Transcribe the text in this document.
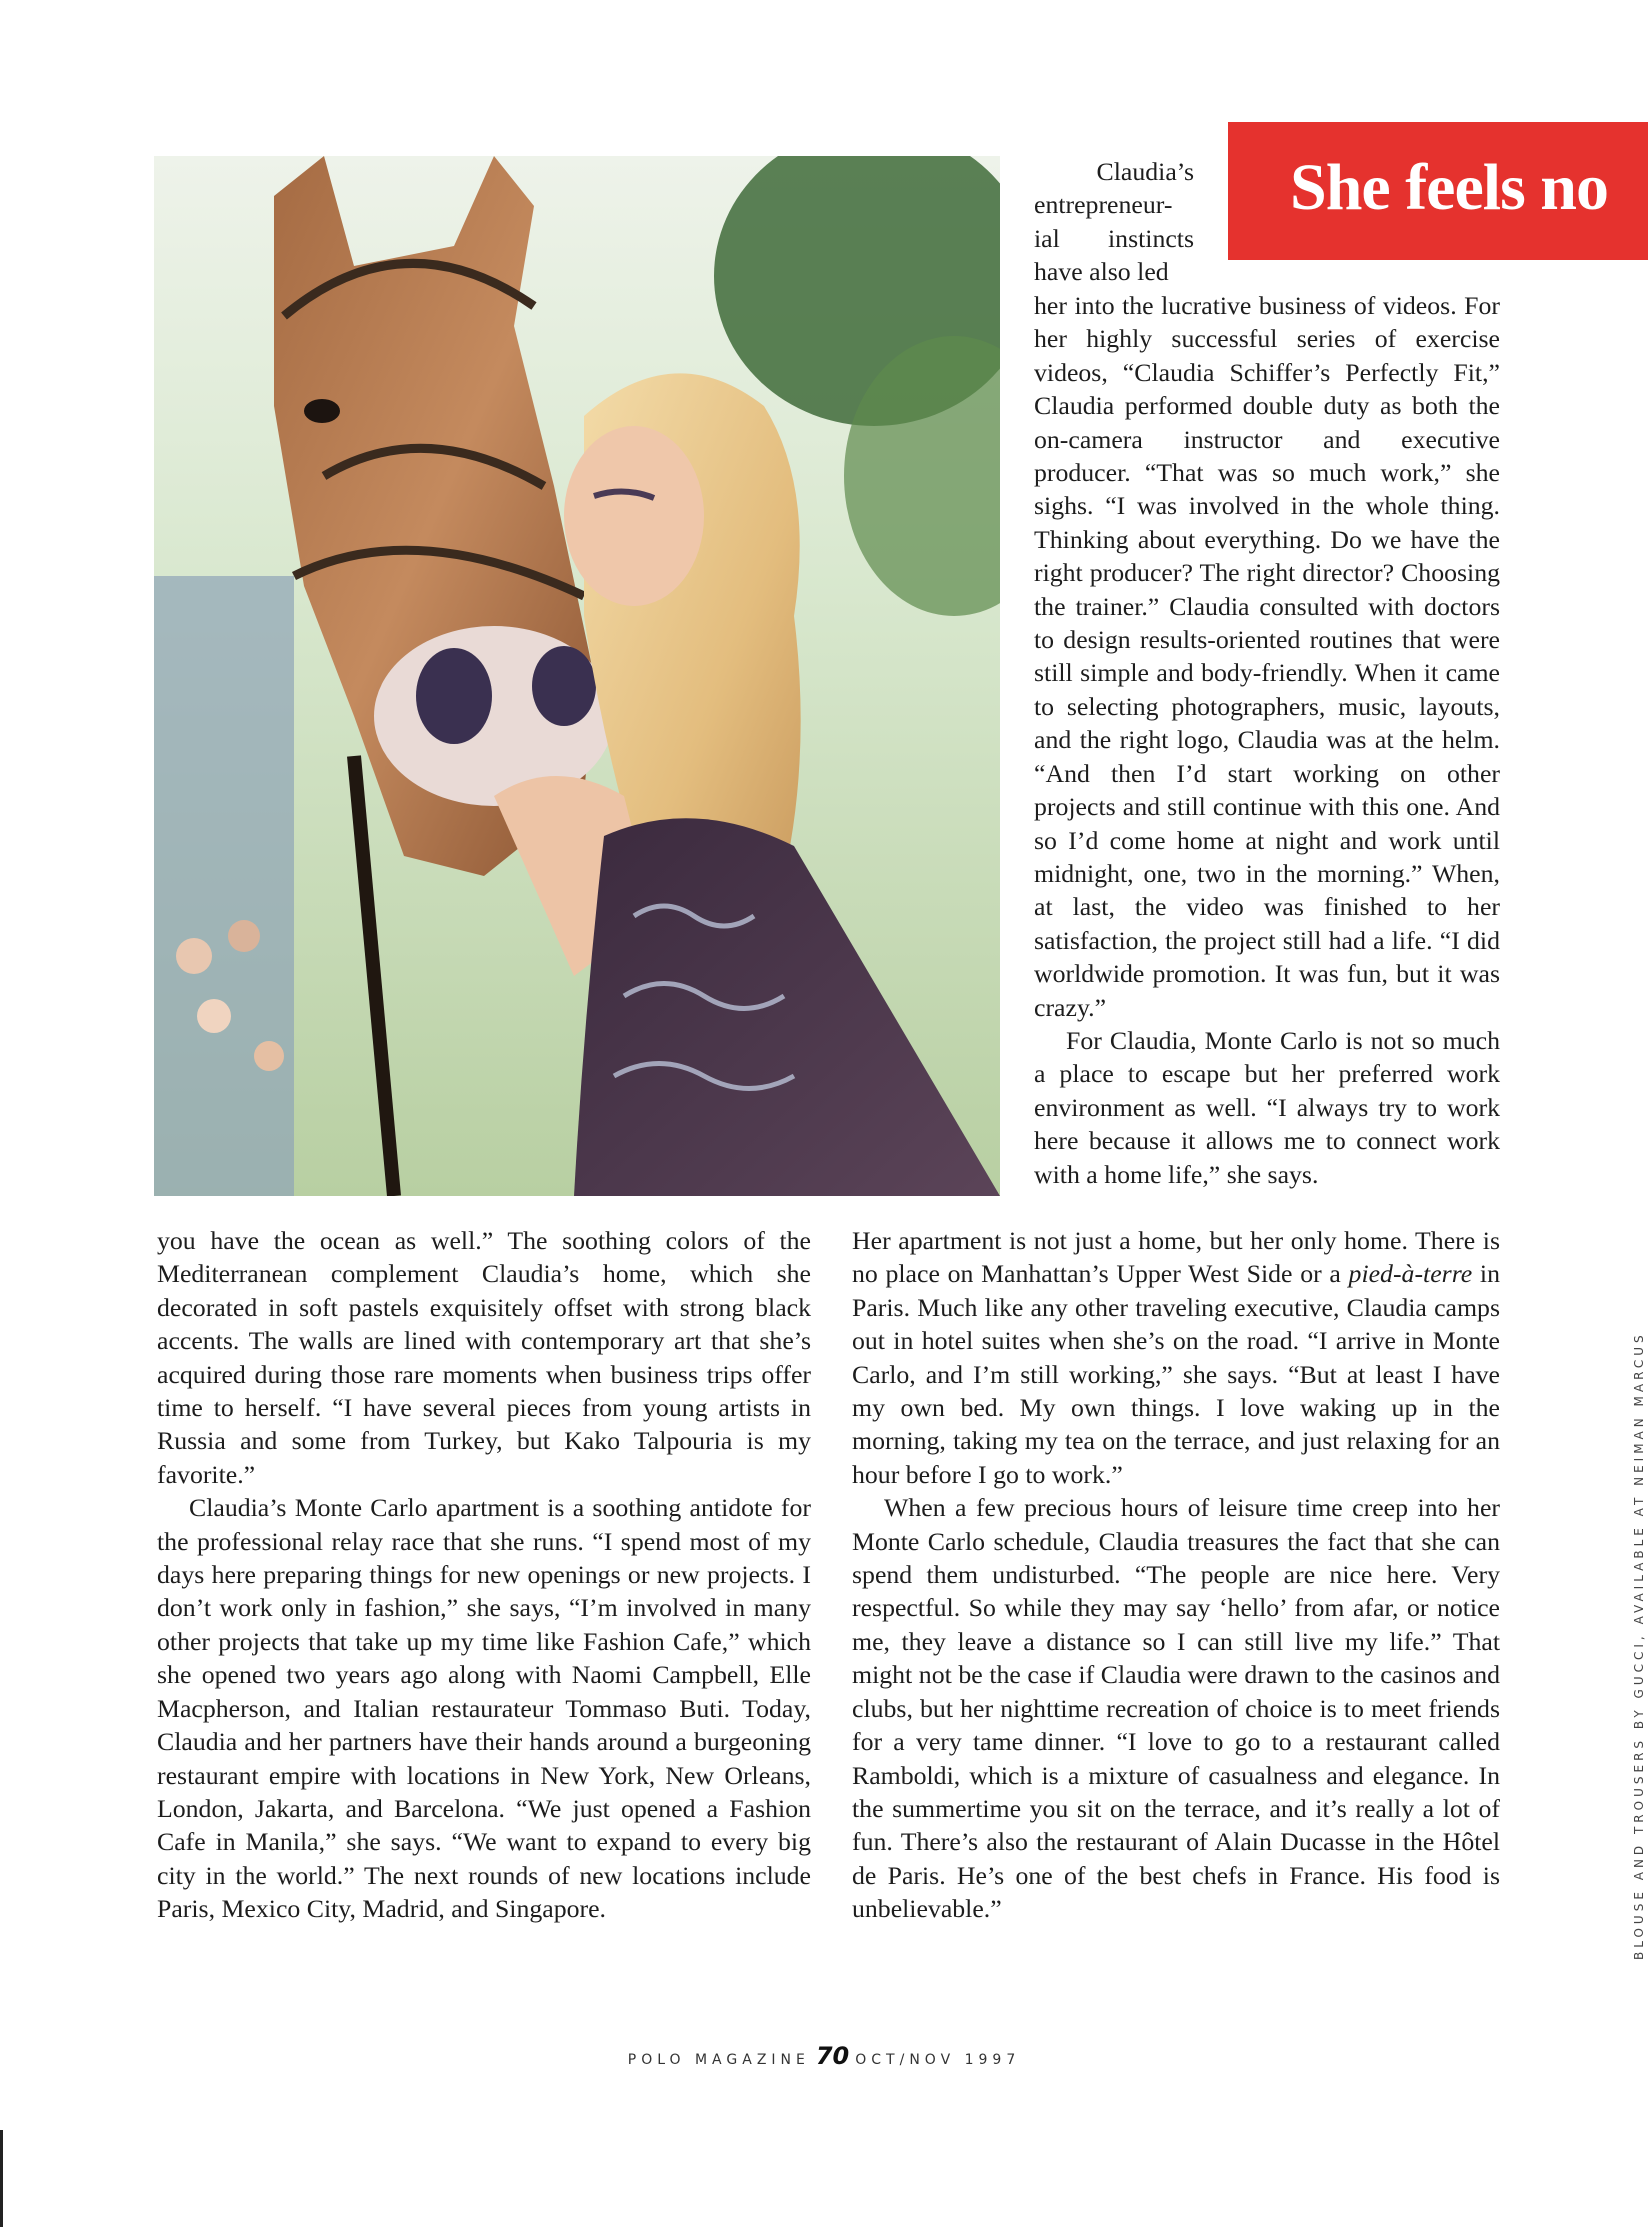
She feels no

Claudia’s

entrepreneur-

ial instincts

have also led

her into the lucrative business of videos. For her highly successful series of exercise videos, “Claudia Schiffer’s Perfectly Fit,” Claudia performed double duty as both the on-camera instructor and executive producer. “That was so much work,” she sighs. “I was involved in the whole thing. Thinking about everything. Do we have the right producer? The right director? Choosing the trainer.” Claudia consulted with doctors to design results-oriented routines that were still simple and body-friendly. When it came to selecting photographers, music, layouts, and the right logo, Claudia was at the helm. “And then I’d start working on other projects and still continue with this one. And so I’d come home at night and work until midnight, one, two in the morning.” When, at last, the video was finished to her satisfaction, the project still had a life. “I did worldwide promotion. It was fun, but it was crazy.”

For Claudia, Monte Carlo is not so much a place to escape but her preferred work environment as well. “I always try to work here because it allows me to connect work with a home life,” she says.

you have the ocean as well.” The soothing colors of the Mediterranean complement Claudia’s home, which she decorated in soft pastels exquisitely offset with strong black accents. The walls are lined with contemporary art that she’s acquired during those rare moments when business trips offer time to herself. “I have several pieces from young artists in Russia and some from Turkey, but Kako Talpouria is my favorite.”

Claudia’s Monte Carlo apartment is a soothing antidote for the professional relay race that she runs. “I spend most of my days here preparing things for new openings or new projects. I don’t work only in fashion,” she says, “I’m involved in many other projects that take up my time like Fashion Cafe,” which she opened two years ago along with Naomi Campbell, Elle Macpherson, and Italian restaurateur Tommaso Buti. Today, Claudia and her partners have their hands around a burgeoning restaurant empire with locations in New York, New Orleans, London, Jakarta, and Barcelona. “We just opened a Fashion Cafe in Manila,” she says. “We want to expand to every big city in the world.” The next rounds of new locations include Paris, Mexico City, Madrid, and Singapore.

Her apartment is not just a home, but her only home. There is no place on Manhattan’s Upper West Side or a pied-à-terre in Paris. Much like any other traveling executive, Claudia camps out in hotel suites when she’s on the road. “I arrive in Monte Carlo, and I’m still working,” she says. “But at least I have my own bed. My own things. I love waking up in the morning, taking my tea on the terrace, and just relaxing for an hour before I go to work.”

When a few precious hours of leisure time creep into her Monte Carlo schedule, Claudia treasures the fact that she can spend them undisturbed. “The people are nice here. Very respectful. So while they may say ‘hello’ from afar, or notice me, they leave a distance so I can still live my life.” That might not be the case if Claudia were drawn to the casinos and clubs, but her nighttime recreation of choice is to meet friends for a very tame dinner. “I love to go to a restaurant called Ramboldi, which is a mixture of casualness and elegance. In the summertime you sit on the terrace, and it’s really a lot of fun. There’s also the restaurant of Alain Ducasse in the Hôtel de Paris. He’s one of the best chefs in France. His food is unbelievable.”

POLO MAGAZINE 70 OCT/NOV 1997
BLOUSE AND TROUSERS BY GUCCI, AVAILABLE AT NEIMAN MARCUS
